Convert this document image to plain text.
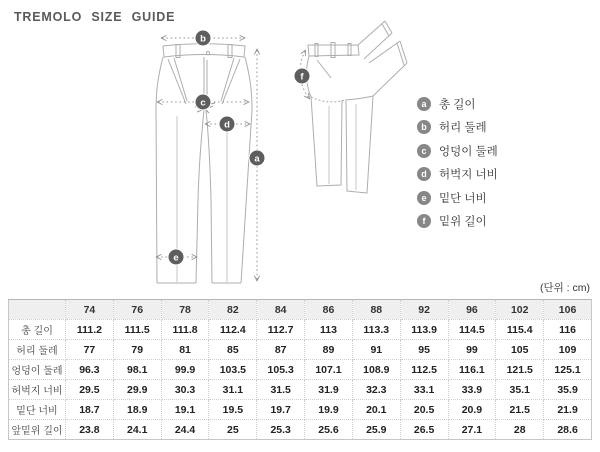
TREMOLO SIZE GUIDE
b
c
d
a
e
f
a	총 길이
b	허리 둘레
c	엉덩이 둘레
d	허벅지 너비
e	밑단 너비
f	밑위 길이
(단위 : cm)
	74	76	78	82	84	86	88	92	96	102	106
총 길이	111.2	111.5	111.8	112.4	112.7	113	113.3	113.9	114.5	115.4	116
허리 둘레	77	79	81	85	87	89	91	95	99	105	109
엉덩이 둘레	96.3	98.1	99.9	103.5	105.3	107.1	108.9	112.5	116.1	121.5	125.1
허벅지 너비	29.5	29.9	30.3	31.1	31.5	31.9	32.3	33.1	33.9	35.1	35.9
밑단 너비	18.7	18.9	19.1	19.5	19.7	19.9	20.1	20.5	20.9	21.5	21.9
앞밑위 길이	23.8	24.1	24.4	25	25.3	25.6	25.9	26.5	27.1	28	28.6
